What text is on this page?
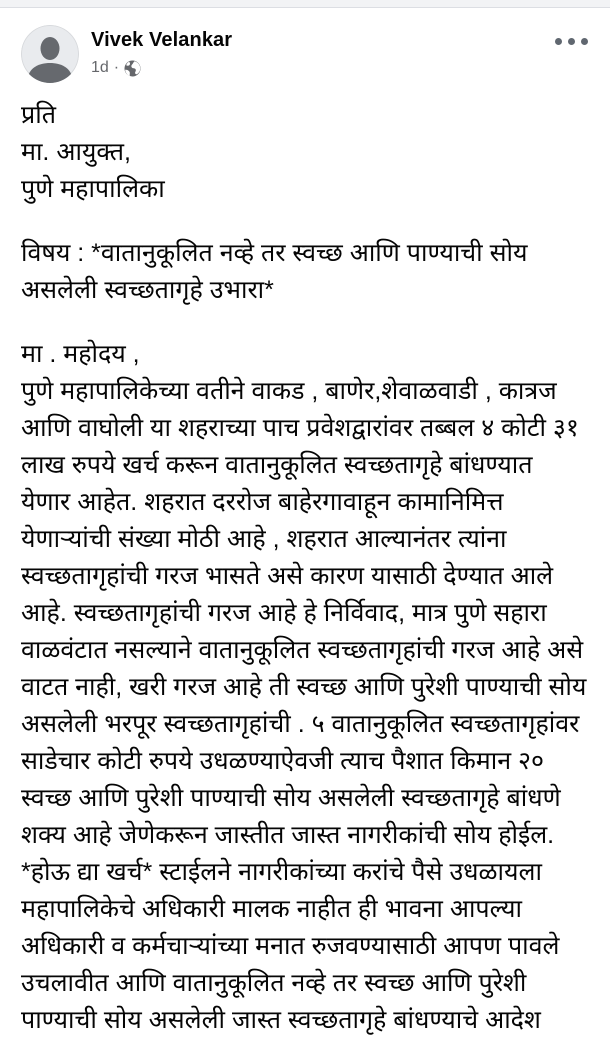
Vivek Velankar
1d ·
प्रति
मा. आयुक्त,
पुणे महापालिका
विषय : *वातानुकूलित नव्हे तर स्वच्छ आणि पाण्याची सोय
असलेली स्वच्छतागृहे उभारा*
मा . महोदय ,
पुणे महापालिकेच्या वतीने वाकड , बाणेर,शेवाळवाडी , कात्रज
आणि वाघोली या शहराच्या पाच प्रवेशद्वारांवर तब्बल ४ कोटी ३१
लाख रुपये खर्च करून वातानुकूलित स्वच्छतागृहे बांधण्यात
येणार आहेत. शहरात दररोज बाहेरगावाहून कामानिमित्त
येणाऱ्यांची संख्या मोठी आहे , शहरात आल्यानंतर त्यांना
स्वच्छतागृहांची गरज भासते असे कारण यासाठी देण्यात आले
आहे. स्वच्छतागृहांची गरज आहे हे निर्विवाद, मात्र पुणे सहारा
वाळवंटात नसल्याने वातानुकूलित स्वच्छतागृहांची गरज आहे असे
वाटत नाही, खरी गरज आहे ती स्वच्छ आणि पुरेशी पाण्याची सोय
असलेली भरपूर स्वच्छतागृहांची . ५ वातानुकूलित स्वच्छतागृहांवर
साडेचार कोटी रुपये उधळण्याऐवजी त्याच पैशात किमान २०
स्वच्छ आणि पुरेशी पाण्याची सोय असलेली स्वच्छतागृहे बांधणे
शक्य आहे जेणेकरून जास्तीत जास्त नागरीकांची सोय होईल.
*होऊ द्या खर्च* स्टाईलने नागरीकांच्या करांचे पैसे उधळायला
महापालिकेचे अधिकारी मालक नाहीत ही भावना आपल्या
अधिकारी व कर्मचाऱ्यांच्या मनात रुजवण्यासाठी आपण पावले
उचलावीत आणि वातानुकूलित नव्हे तर स्वच्छ आणि पुरेशी
पाण्याची सोय असलेली जास्त स्वच्छतागृहे बांधण्याचे आदेश
